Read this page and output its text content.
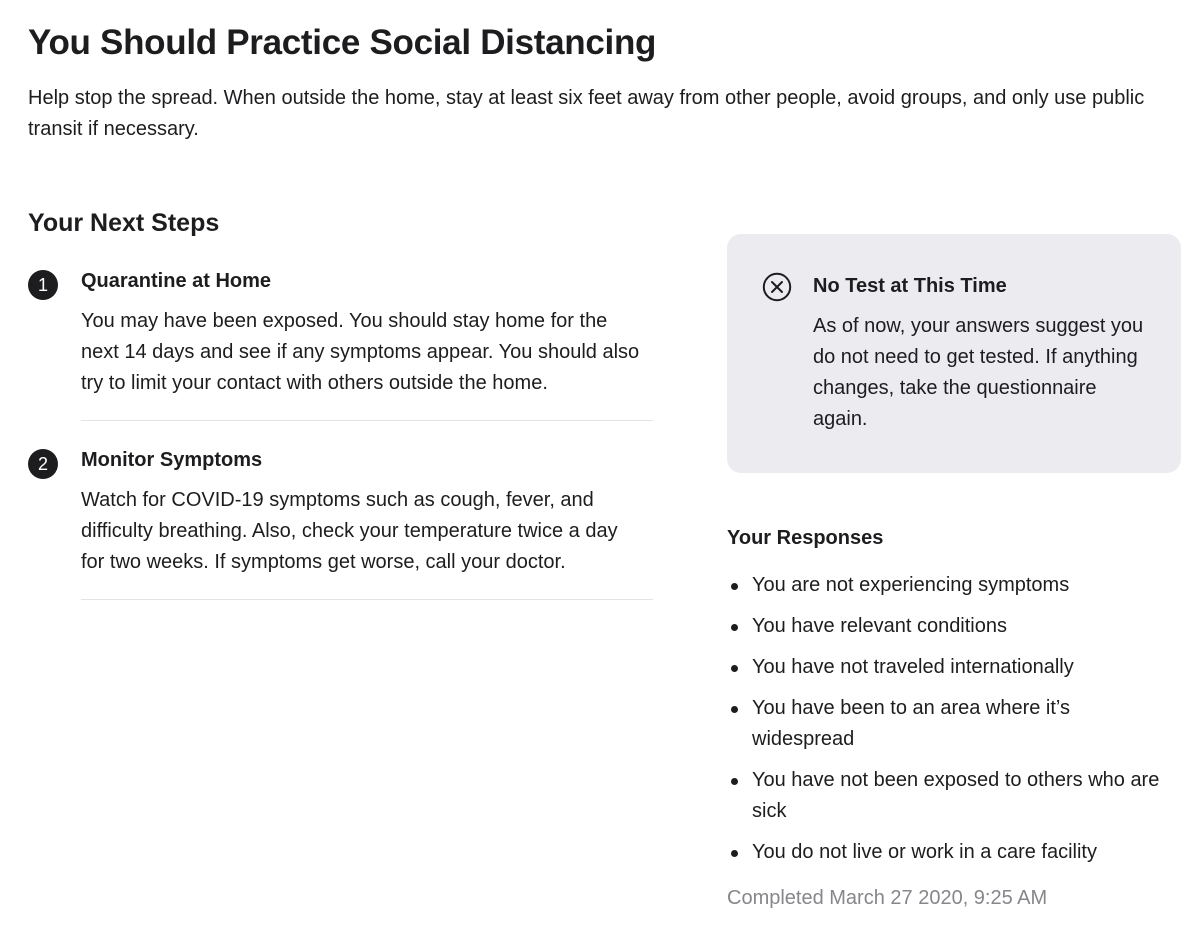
You Should Practice Social Distancing

Help stop the spread. When outside the home, stay at least six feet away from other people, avoid groups, and only use public transit if necessary.

Your Next Steps
1	Quarantine at Home
You may have been exposed. You should stay home for the next 14 days and see if any symptoms appear. You should also try to limit your contact with others outside the home.
2	Monitor Symptoms
Watch for COVID-19 symptoms such as cough, fever, and difficulty breathing. Also, check your temperature twice a day for two weeks. If symptoms get worse, call your doctor.
No Test at This Time
As of now, your answers suggest you do not need to get tested. If anything changes, take the questionnaire again.
Your Responses
You are not experiencing symptoms
You have relevant conditions
You have not traveled internationally
You have been to an area where it’s widespread
You have not been exposed to others who are sick
You do not live or work in a care facility
Completed March 27 2020, 9:25 AM
